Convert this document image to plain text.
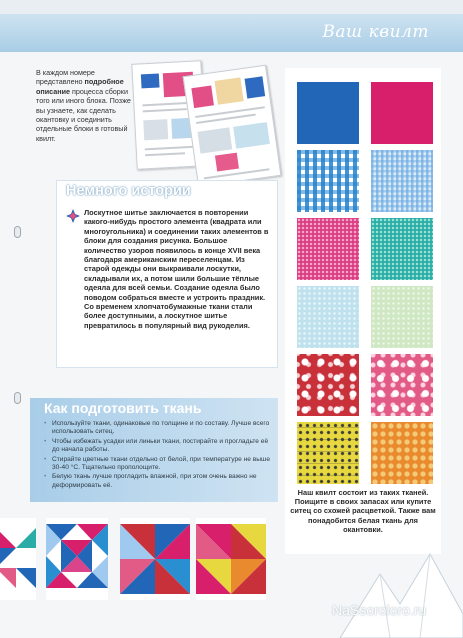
Ваш квилт
В каждом номере представлено подробное описание процесса сборки того или иного блока. Позже вы узнаете, как сделать окантовку и соединить отдельные блоки в готовый квилт.
Немного истории
Лоскутное шитье заключается в повторении какого-нибудь простого элемента (квадрата или многоугольника) и соединении таких элементов в блоки для создания рисунка. Большое количество узоров появилось в конце XVII века благодаря американским переселенцам. Из старой одежды они выкраивали лоскутки, складывали их, а потом шили большие тёплые одеяла для всей семьи. Создание одеяла было поводом собраться вместе и устроить праздник. Со временем хлопчатобумажные ткани стали более доступными, а лоскутное шитье превратилось в популярный вид рукоделия.
Как подготовить ткань
• Используйте ткани, одинаковые по толщине и по составу. Лучше всего использовать ситец.
• Чтобы избежать усадки или линьки ткани, постирайте и прогладьте её до начала работы.
• Стирайте цветные ткани отдельно от белой, при температуре не выше 30-40 °С. Тщательно прополощите.
• Белую ткань лучше прогладить влажной, при этом очень важно не деформировать её.
Наш квилт состоит из таких тканей. Поищите в своих запасах или купите ситец со схожей расцветкой. Также вам понадобится белая ткань для окантовки.
NaSsoroloro.ru
